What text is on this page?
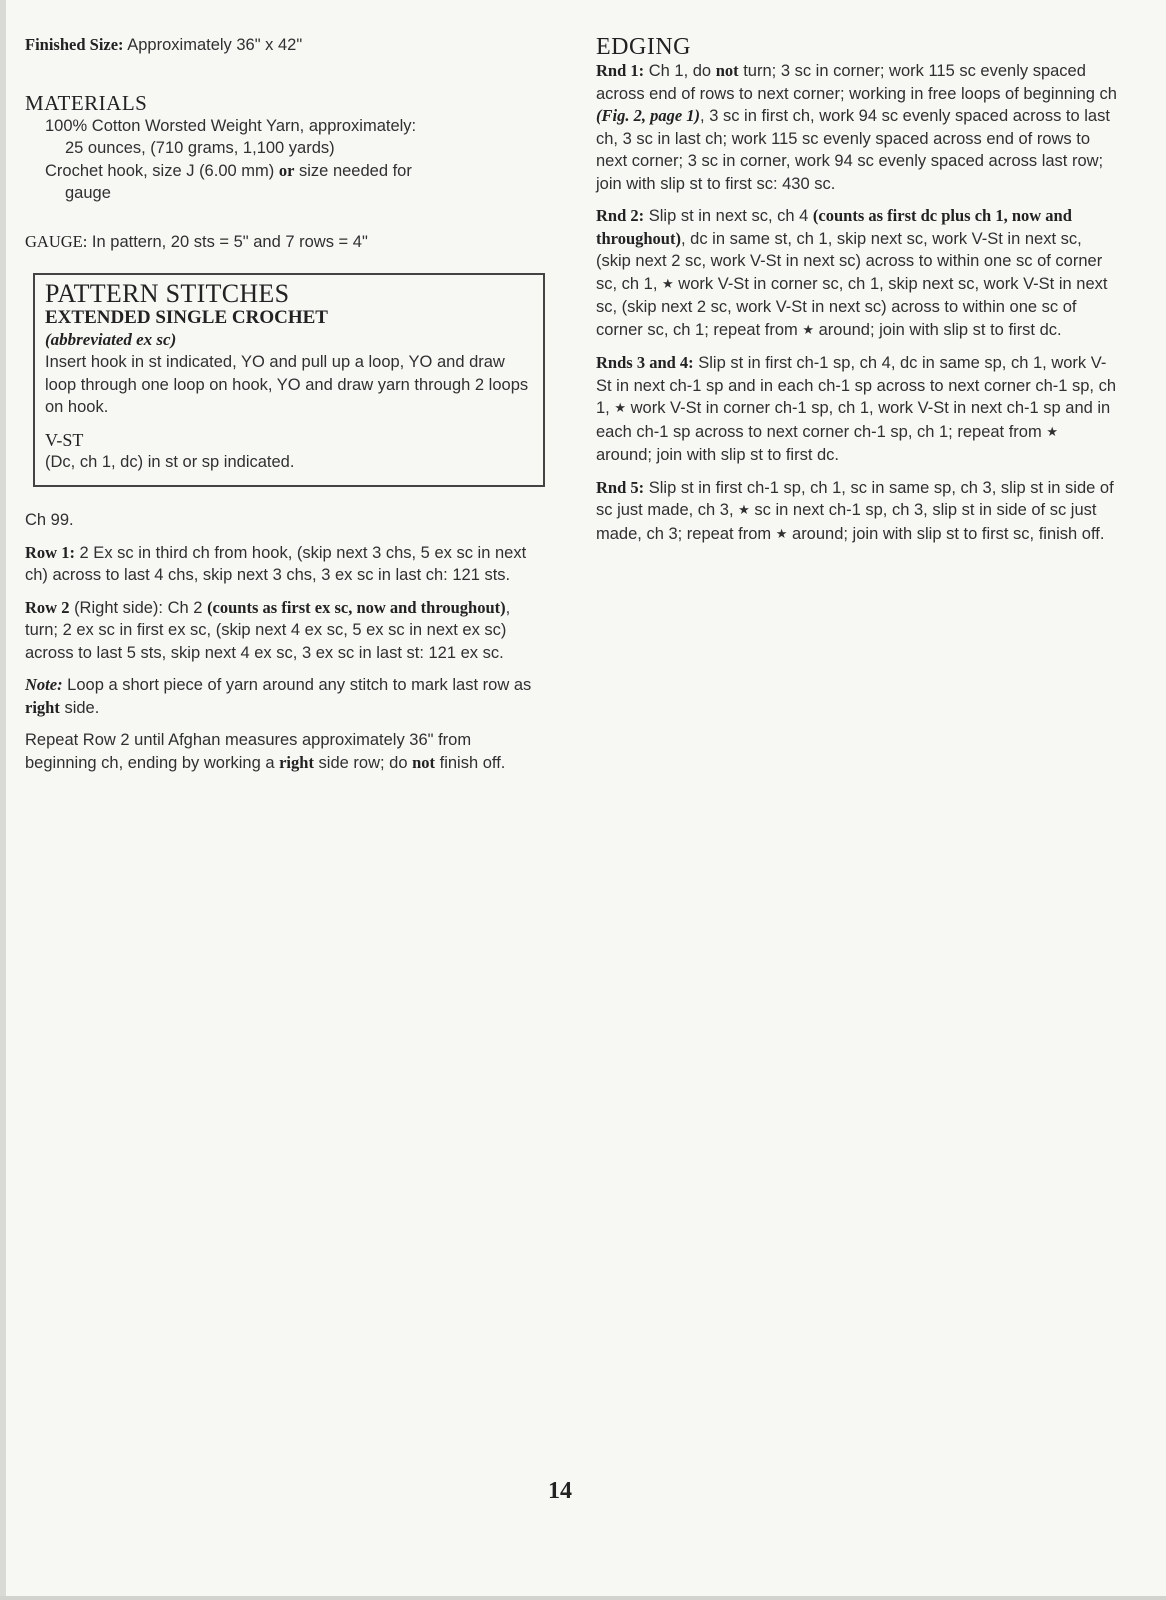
Finished Size: Approximately 36" x 42"

MATERIALS
100% Cotton Worsted Weight Yarn, approximately:
25 ounces, (710 grams, 1,100 yards)
Crochet hook, size J (6.00 mm) or size needed for
gauge

GAUGE: In pattern, 20 sts = 5" and 7 rows = 4"

PATTERN STITCHES
EXTENDED SINGLE CROCHET
(abbreviated ex sc)

Insert hook in st indicated, YO and pull up a loop, YO and draw loop through one loop on hook, YO and draw yarn through 2 loops on hook.

V-ST

(Dc, ch 1, dc) in st or sp indicated.

Ch 99.

Row 1: 2 Ex sc in third ch from hook, (skip next 3 chs, 5 ex sc in next ch) across to last 4 chs, skip next 3 chs, 3 ex sc in last ch: 121 sts.

Row 2 (Right side): Ch 2 (counts as first ex sc, now and throughout), turn; 2 ex sc in first ex sc, (skip next 4 ex sc, 5 ex sc in next ex sc) across to last 5 sts, skip next 4 ex sc, 3 ex sc in last st: 121 ex sc.

Note: Loop a short piece of yarn around any stitch to mark last row as right side.

Repeat Row 2 until Afghan measures approximately 36" from beginning ch, ending by working a right side row; do not finish off.

EDGING

Rnd 1: Ch 1, do not turn; 3 sc in corner; work 115 sc evenly spaced across end of rows to next corner; working in free loops of beginning ch (Fig. 2, page 1), 3 sc in first ch, work 94 sc evenly spaced across to last ch, 3 sc in last ch; work 115 sc evenly spaced across end of rows to next corner; 3 sc in corner, work 94 sc evenly spaced across last row; join with slip st to first sc: 430 sc.

Rnd 2: Slip st in next sc, ch 4 (counts as first dc plus ch 1, now and throughout), dc in same st, ch 1, skip next sc, work V-St in next sc, (skip next 2 sc, work V-St in next sc) across to within one sc of corner sc, ch 1, ★ work V-St in corner sc, ch 1, skip next sc, work V-St in next sc, (skip next 2 sc, work V-St in next sc) across to within one sc of corner sc, ch 1; repeat from ★ around; join with slip st to first dc.

Rnds 3 and 4: Slip st in first ch-1 sp, ch 4, dc in same sp, ch 1, work V-St in next ch-1 sp and in each ch-1 sp across to next corner ch-1 sp, ch 1, ★ work V-St in corner ch-1 sp, ch 1, work V-St in next ch-1 sp and in each ch-1 sp across to next corner ch-1 sp, ch 1; repeat from ★ around; join with slip st to first dc.

Rnd 5: Slip st in first ch-1 sp, ch 1, sc in same sp, ch 3, slip st in side of sc just made, ch 3, ★ sc in next ch-1 sp, ch 3, slip st in side of sc just made, ch 3; repeat from ★ around; join with slip st to first sc, finish off.

14
